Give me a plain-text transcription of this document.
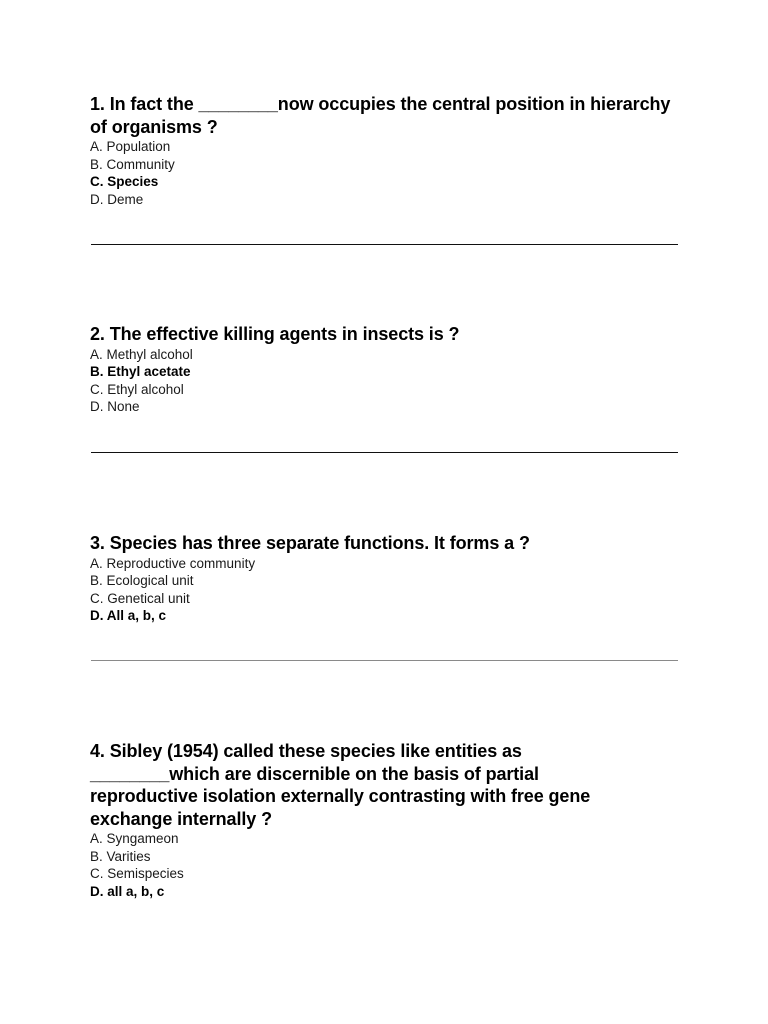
1. In fact the ________now occupies the central position in hierarchy of organisms ?

A. Population
B. Community
C. Species
D. Deme

2. The effective killing agents in insects is ?

A. Methyl alcohol
B. Ethyl acetate
C. Ethyl alcohol
D. None

3. Species has three separate functions. It forms a ?

A. Reproductive community
B. Ecological unit
C. Genetical unit
D. All a, b, c

4. Sibley (1954) called these species like entities as ________which are discernible on the basis of partial reproductive isolation externally contrasting with free gene exchange internally ?

A. Syngameon
B. Varities
C. Semispecies
D. all a, b, c
